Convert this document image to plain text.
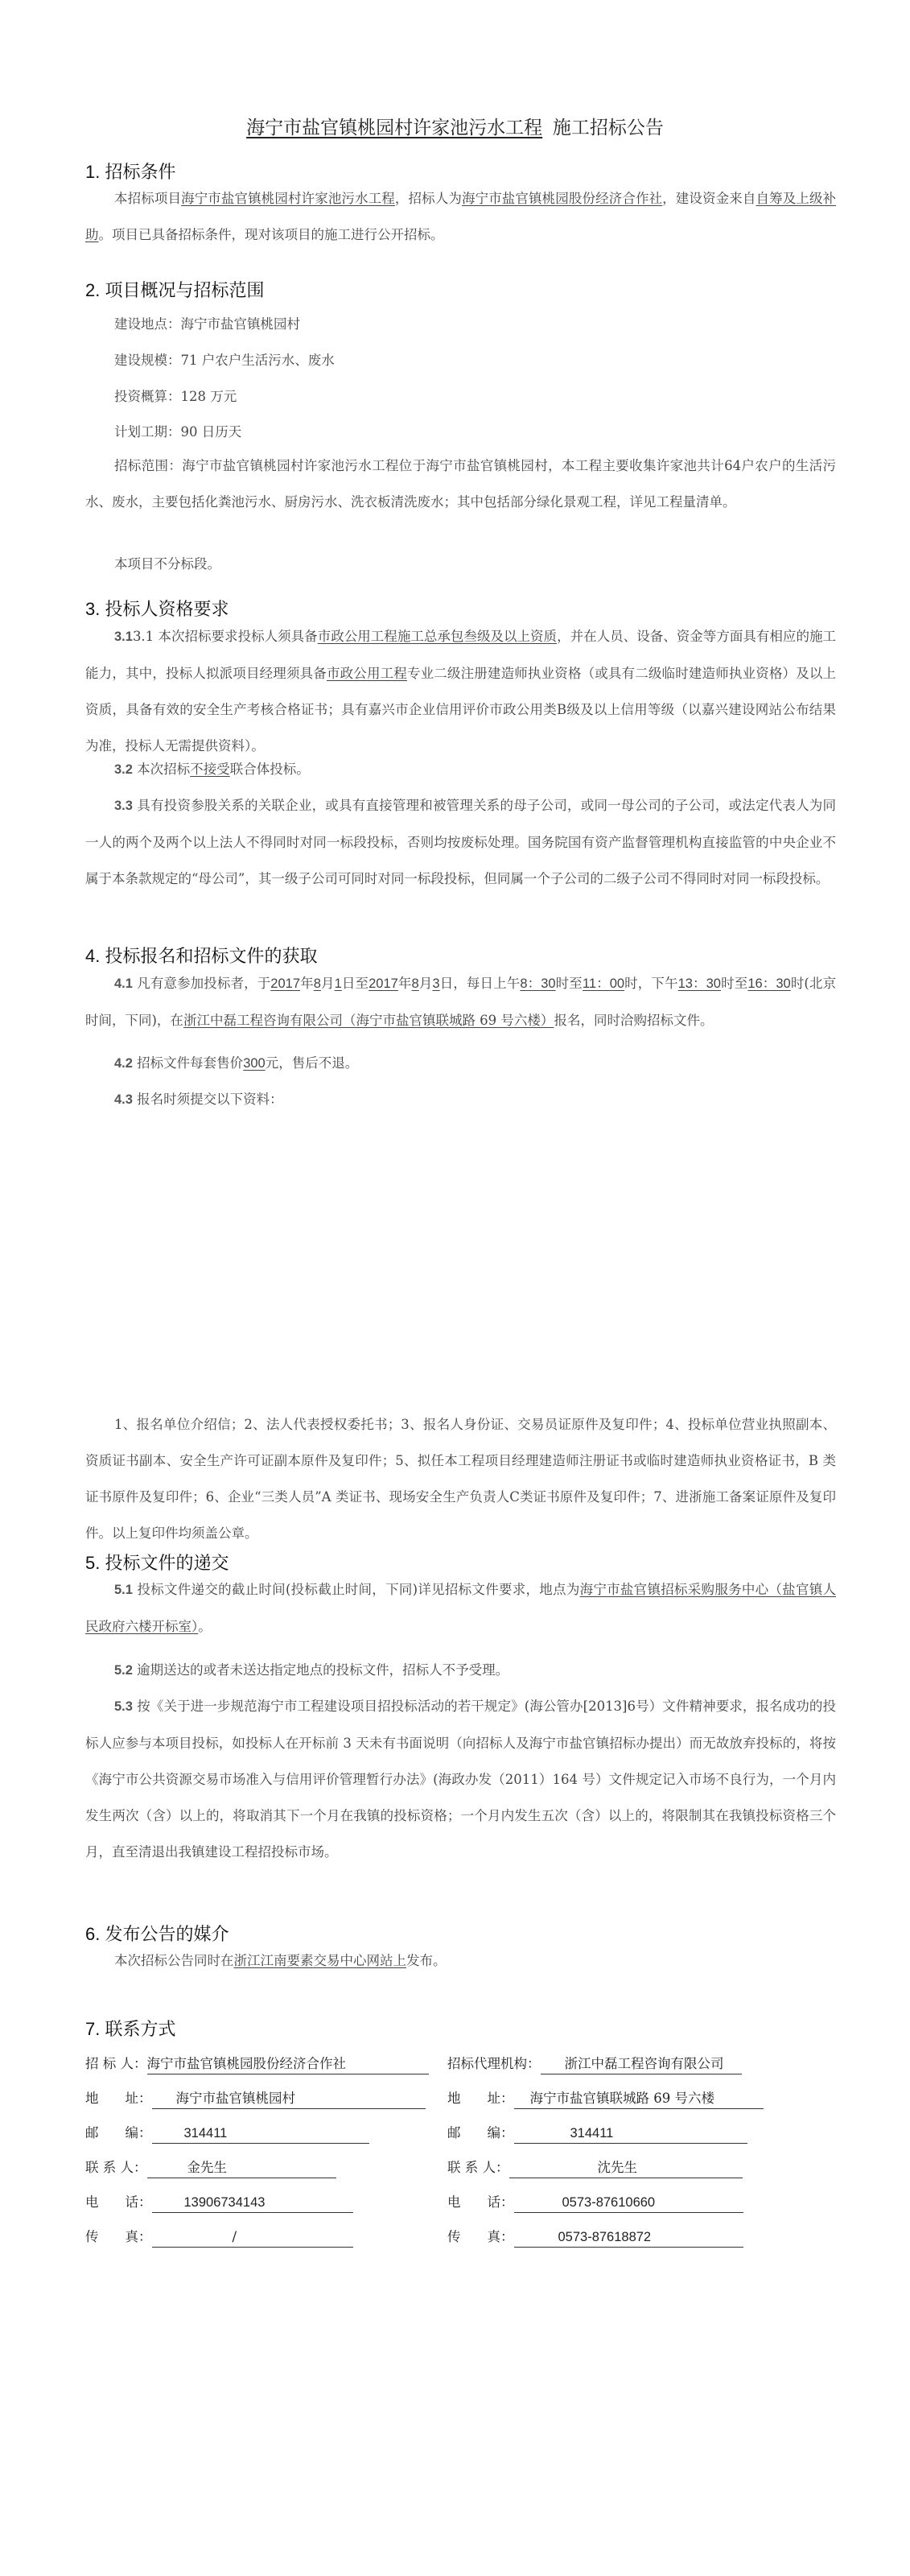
海宁市盐官镇桃园村许家池污水工程 施工招标公告
1. 招标条件
本招标项目海宁市盐官镇桃园村许家池污水工程，招标人为海宁市盐官镇桃园股份经济合作社，建设资金来自自筹及上级补助。项目已具备招标条件，现对该项目的施工进行公开招标。
2. 项目概况与招标范围
建设地点：海宁市盐官镇桃园村
建设规模：71 户农户生活污水、废水
投资概算：128 万元
计划工期：90 日历天
招标范围：海宁市盐官镇桃园村许家池污水工程位于海宁市盐官镇桃园村，本工程主要收集许家池共计64户农户的生活污水、废水，主要包括化粪池污水、厨房污水、洗衣板清洗废水；其中包括部分绿化景观工程，详见工程量清单。
本项目不分标段。
3. 投标人资格要求
3.13.1 本次招标要求投标人须具备市政公用工程施工总承包叁级及以上资质，并在人员、设备、资金等方面具有相应的施工能力，其中，投标人拟派项目经理须具备市政公用工程专业二级注册建造师执业资格（或具有二级临时建造师执业资格）及以上资质，具备有效的安全生产考核合格证书；具有嘉兴市企业信用评价市政公用类B级及以上信用等级（以嘉兴建设网站公布结果为准，投标人无需提供资料）。
3.2 本次招标不接受联合体投标。
3.3 具有投资参股关系的关联企业，或具有直接管理和被管理关系的母子公司，或同一母公司的子公司，或法定代表人为同一人的两个及两个以上法人不得同时对同一标段投标，否则均按废标处理。国务院国有资产监督管理机构直接监管的中央企业不属于本条款规定的“母公司”，其一级子公司可同时对同一标段投标，但同属一个子公司的二级子公司不得同时对同一标段投标。
4. 投标报名和招标文件的获取
4.1 凡有意参加投标者，于2017年8月1日至2017年8月3日，每日上午8：30时至11：00时，下午13：30时至16：30时(北京时间，下同)，在浙江中磊工程咨询有限公司（海宁市盐官镇联城路 69 号六楼）报名，同时洽购招标文件。
4.2 招标文件每套售价300元，售后不退。
4.3 报名时须提交以下资料：
1、报名单位介绍信；2、法人代表授权委托书；3、报名人身份证、交易员证原件及复印件；4、投标单位营业执照副本、资质证书副本、安全生产许可证副本原件及复印件；5、拟任本工程项目经理建造师注册证书或临时建造师执业资格证书，B 类证书原件及复印件；6、企业“三类人员”A 类证书、现场安全生产负责人C类证书原件及复印件；7、进浙施工备案证原件及复印件。以上复印件均须盖公章。
5. 投标文件的递交
5.1 投标文件递交的截止时间(投标截止时间，下同)详见招标文件要求，地点为海宁市盐官镇招标采购服务中心（盐官镇人民政府六楼开标室）。
5.2 逾期送达的或者未送达指定地点的投标文件，招标人不予受理。
5.3 按《关于进一步规范海宁市工程建设项目招投标活动的若干规定》(海公管办[2013]6号）文件精神要求，报名成功的投标人应参与本项目投标，如投标人在开标前 3 天未有书面说明（向招标人及海宁市盐官镇招标办提出）而无故放弃投标的，将按《海宁市公共资源交易市场准入与信用评价管理暂行办法》(海政办发（2011）164 号）文件规定记入市场不良行为，一个月内发生两次（含）以上的，将取消其下一个月在我镇的投标资格；一个月内发生五次（含）以上的，将限制其在我镇投标资格三个月，直至清退出我镇建设工程招投标市场。
6. 发布公告的媒介
本次招标公告同时在浙江江南要素交易中心网站上发布。
7. 联系方式
招 标 人：海宁市盐官镇桃园股份经济合作社
地　　址： 海宁市盐官镇桃园村
邮　　编： 314411
联 系 人：	金先生
电　　话： 13906734143
传　　真：	/
招标代理机构： 浙江中磊工程咨询有限公司
地　　址： 海宁市盐官镇联城路 69 号六楼
邮　　编：	314411
联 系 人：	沈先生
电　　话：	0573-87610660
传　　真：	0573-87618872
